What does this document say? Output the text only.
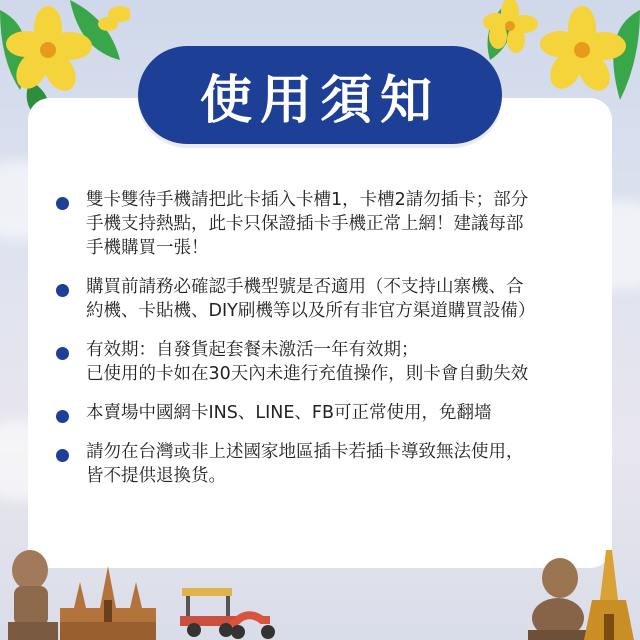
使用須知
雙卡雙待手機請把此卡插入卡槽1，卡槽2請勿插卡；部分
手機支持熱點，此卡只保證插卡手機正常上網！建議每部
手機購買一張！
購買前請務必確認手機型號是否適用（不支持山寨機、合
約機、卡貼機、DIY刷機等以及所有非官方渠道購買設備）
有效期：自發貨起套餐未激活一年有效期；
已使用的卡如在30天內未進行充值操作，則卡會自動失效
本賣場中國網卡INS、LINE、FB可正常使用，免翻墻
請勿在台灣或非上述國家地區插卡若插卡導致無法使用，
皆不提供退換货。
